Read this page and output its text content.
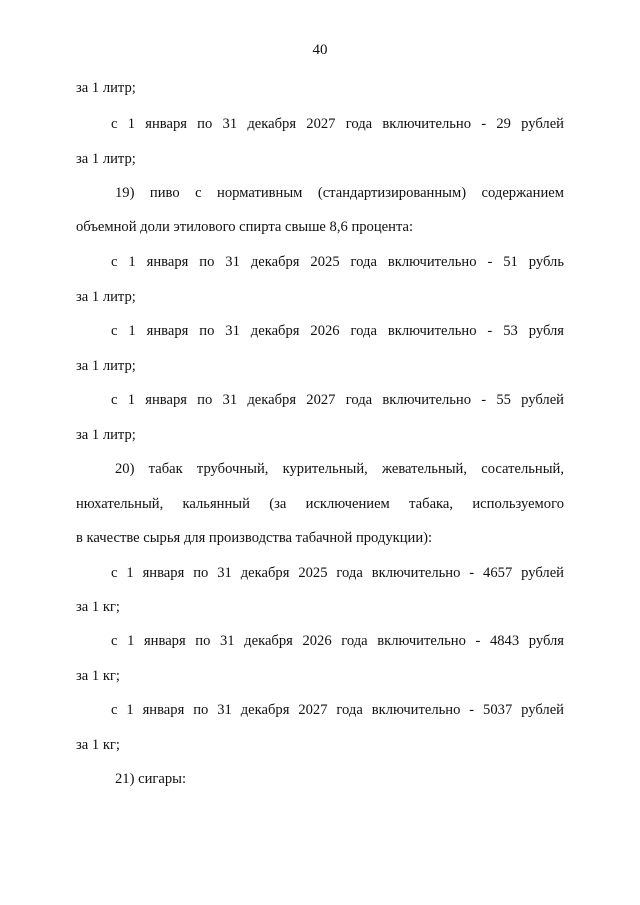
40
за 1 литр;
с 1 января по 31 декабря 2027 года включительно - 29 рублей
за 1 литр;
19) пиво с нормативным (стандартизированным) содержанием
объемной доли этилового спирта свыше 8,6 процента:
с 1 января по 31 декабря 2025 года включительно - 51 рубль
за 1 литр;
с 1 января по 31 декабря 2026 года включительно - 53 рубля
за 1 литр;
с 1 января по 31 декабря 2027 года включительно - 55 рублей
за 1 литр;
20) табак трубочный, курительный, жевательный, сосательный,
нюхательный, кальянный (за исключением табака, используемого
в качестве сырья для производства табачной продукции):
с 1 января по 31 декабря 2025 года включительно - 4657 рублей
за 1 кг;
с 1 января по 31 декабря 2026 года включительно - 4843 рубля
за 1 кг;
с 1 января по 31 декабря 2027 года включительно - 5037 рублей
за 1 кг;
21) сигары:
